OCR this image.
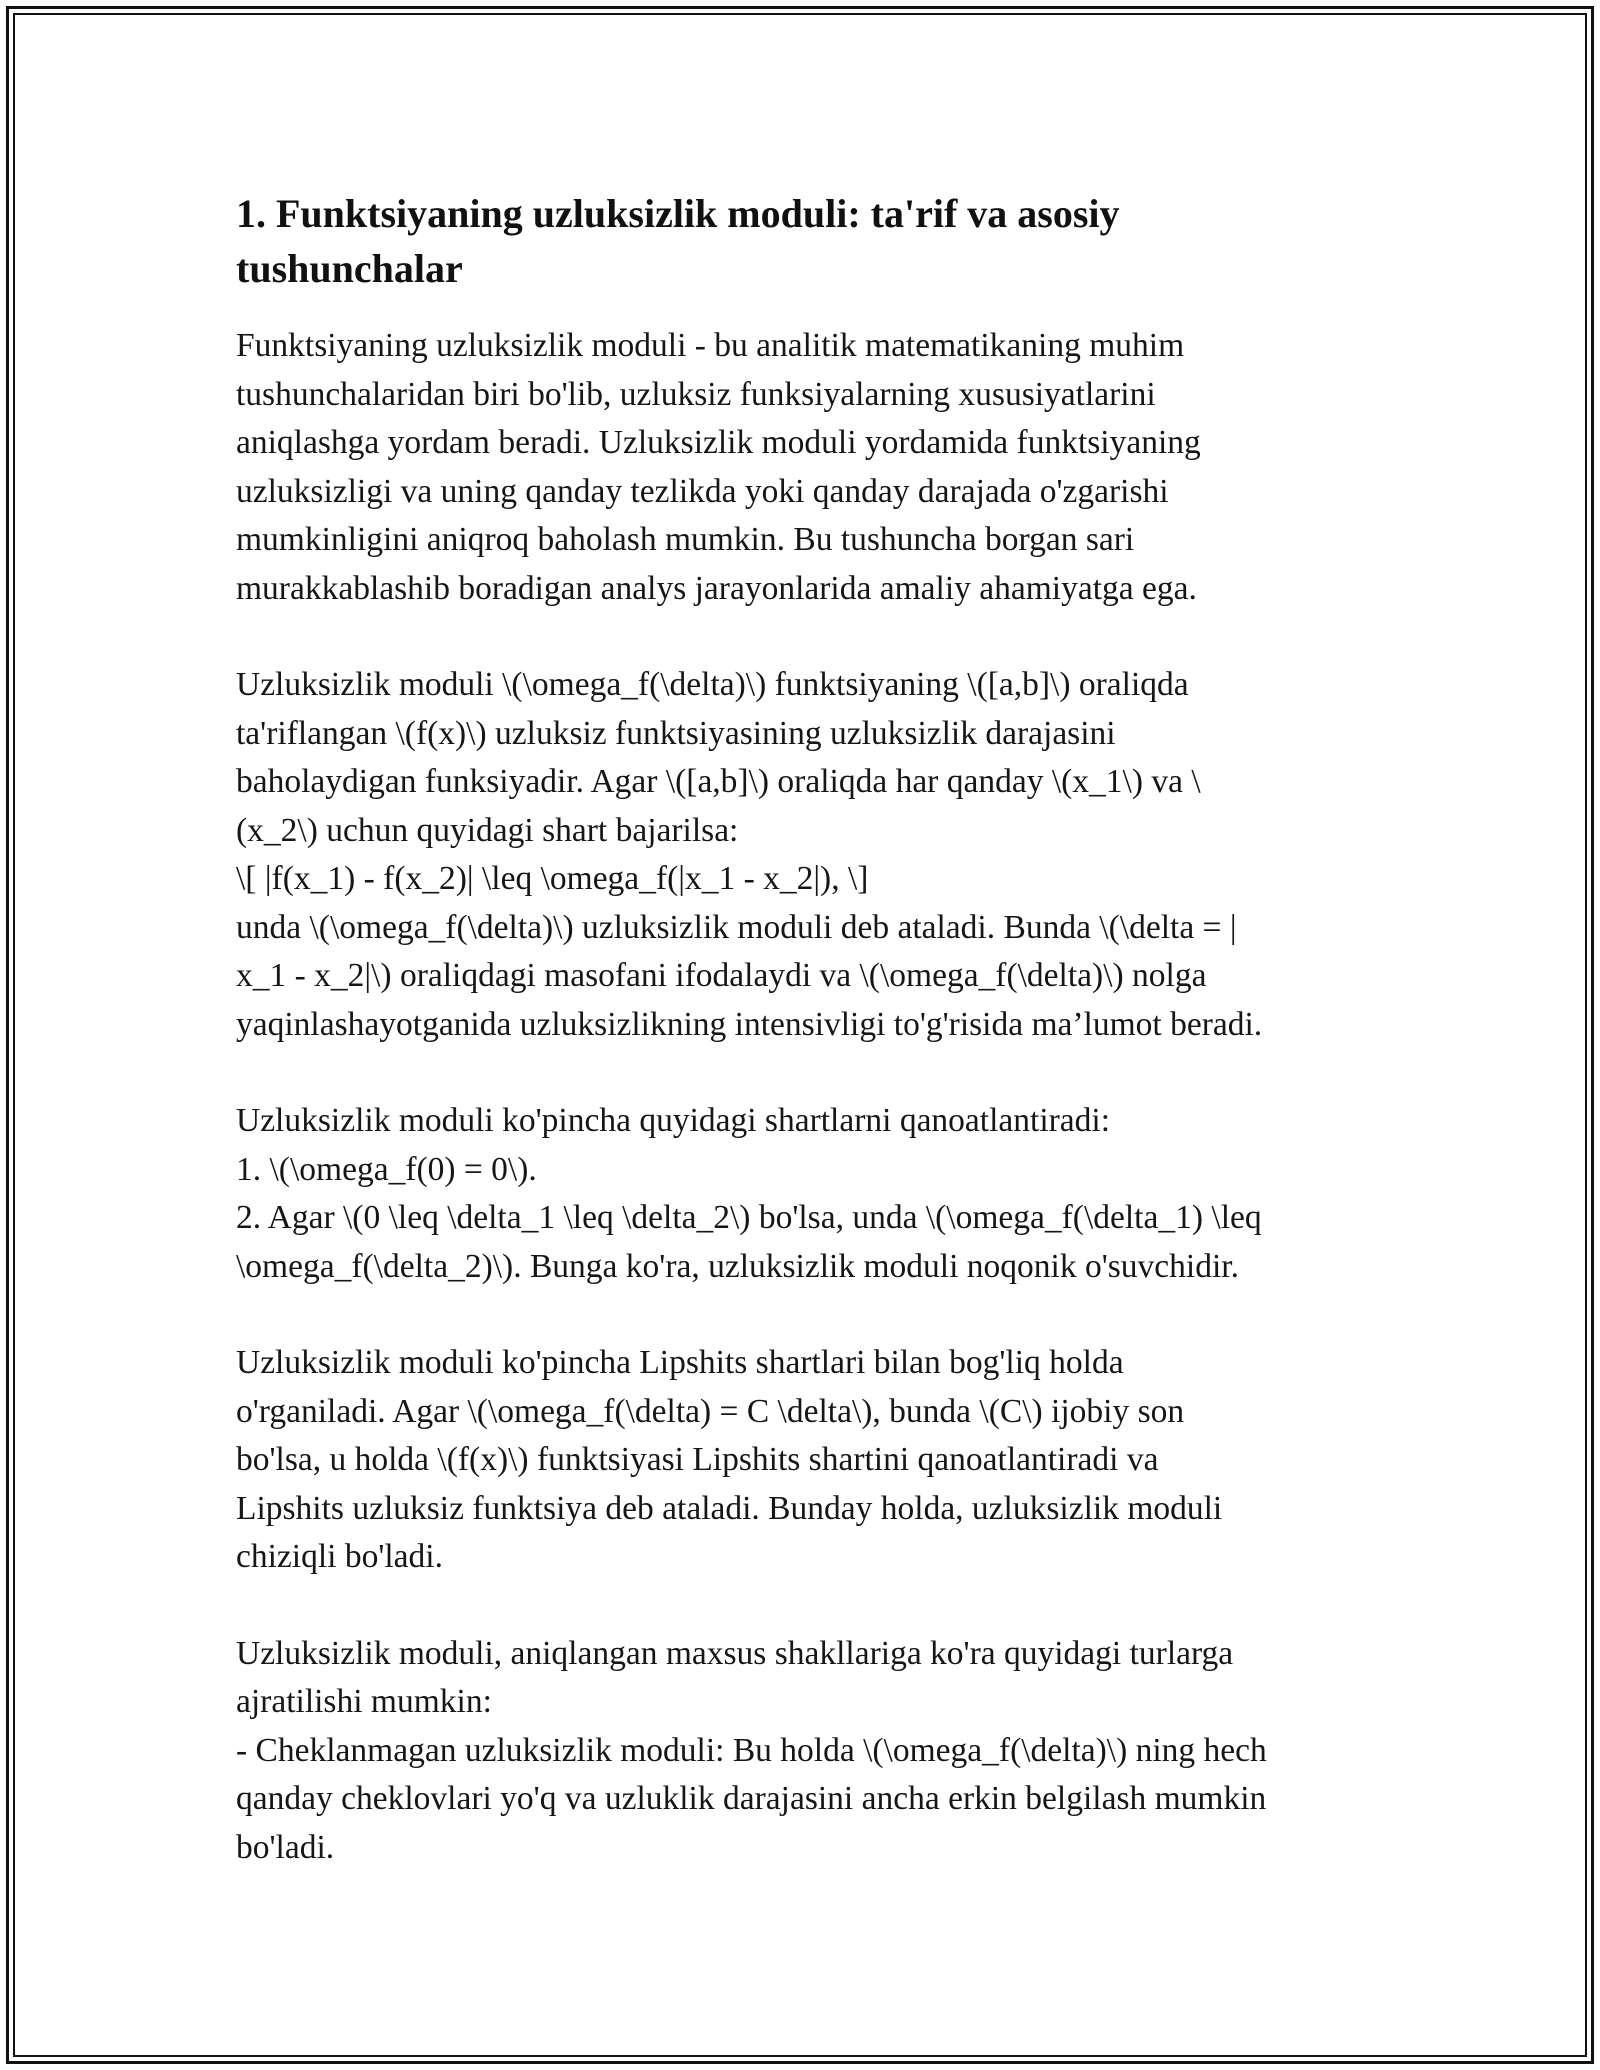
1. Funktsiyaning uzluksizlik moduli: ta'rif va asosiy
tushunchalar
Funktsiyaning uzluksizlik moduli - bu analitik matematikaning muhim
tushunchalaridan biri bo'lib, uzluksiz funksiyalarning xususiyatlarini
aniqlashga yordam beradi. Uzluksizlik moduli yordamida funktsiyaning
uzluksizligi va uning qanday tezlikda yoki qanday darajada o'zgarishi
mumkinligini aniqroq baholash mumkin. Bu tushuncha borgan sari
murakkablashib boradigan analys jarayonlarida amaliy ahamiyatga ega.
Uzluksizlik moduli \(\omega_f(\delta)\) funktsiyaning \([a,b]\) oraliqda
ta'riflangan \(f(x)\) uzluksiz funktsiyasining uzluksizlik darajasini
baholaydigan funksiyadir. Agar \([a,b]\) oraliqda har qanday \(x_1\) va \
(x_2\) uchun quyidagi shart bajarilsa:
\[ |f(x_1) - f(x_2)| \leq \omega_f(|x_1 - x_2|), \]
unda \(\omega_f(\delta)\) uzluksizlik moduli deb ataladi. Bunda \(\delta = |
x_1 - x_2|\) oraliqdagi masofani ifodalaydi va \(\omega_f(\delta)\) nolga
yaqinlashayotganida uzluksizlikning intensivligi to'g'risida ma’lumot beradi.
Uzluksizlik moduli ko'pincha quyidagi shartlarni qanoatlantiradi:
1. \(\omega_f(0) = 0\).
2. Agar \(0 \leq \delta_1 \leq \delta_2\) bo'lsa, unda \(\omega_f(\delta_1) \leq
\omega_f(\delta_2)\). Bunga ko'ra, uzluksizlik moduli noqonik o'suvchidir.
Uzluksizlik moduli ko'pincha Lipshits shartlari bilan bog'liq holda
o'rganiladi. Agar \(\omega_f(\delta) = C \delta\), bunda \(C\) ijobiy son
bo'lsa, u holda \(f(x)\) funktsiyasi Lipshits shartini qanoatlantiradi va
Lipshits uzluksiz funktsiya deb ataladi. Bunday holda, uzluksizlik moduli
chiziqli bo'ladi.
Uzluksizlik moduli, aniqlangan maxsus shakllariga ko'ra quyidagi turlarga
ajratilishi mumkin:
- Cheklanmagan uzluksizlik moduli: Bu holda \(\omega_f(\delta)\) ning hech
qanday cheklovlari yo'q va uzluklik darajasini ancha erkin belgilash mumkin
bo'ladi.
